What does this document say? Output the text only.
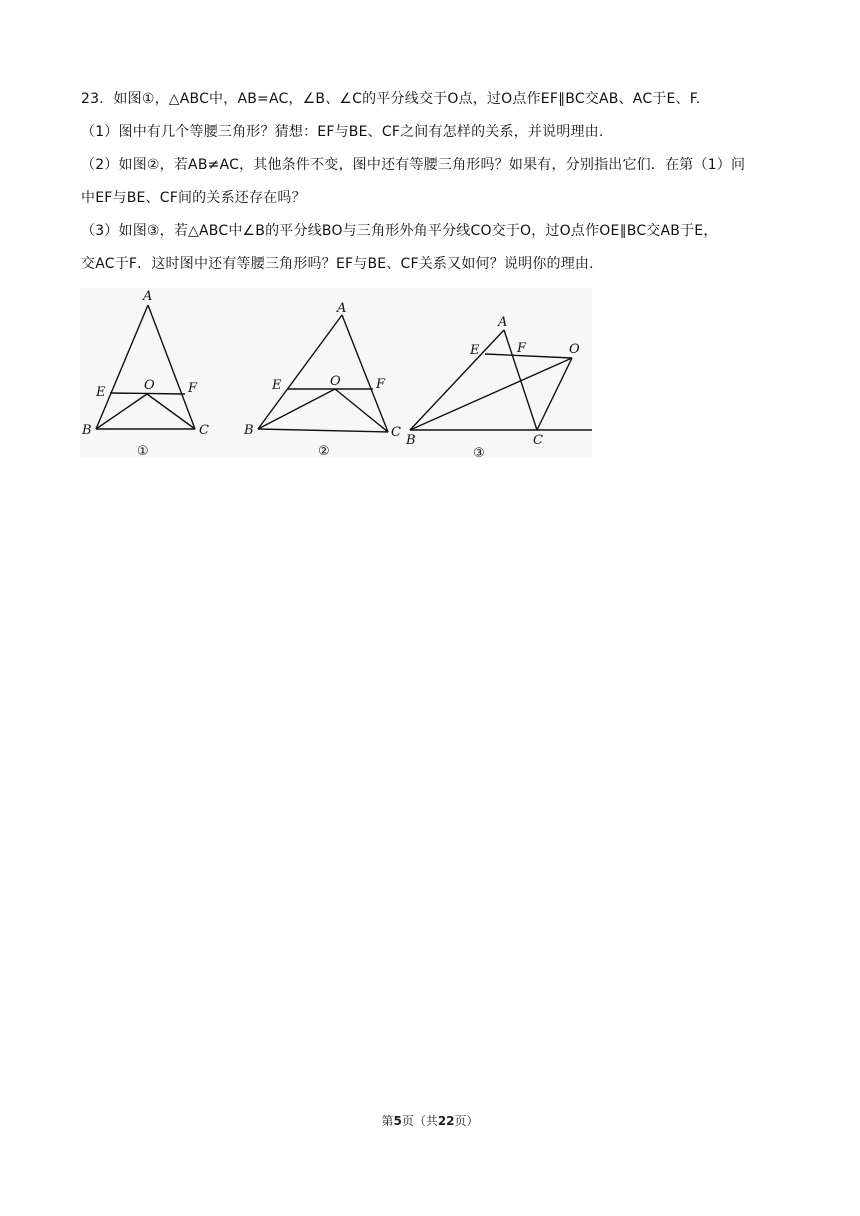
23．如图①，△ABC中，AB=AC，∠B、∠C的平分线交于O点，过O点作EF∥BC交AB、AC于E、F.
（1）图中有几个等腰三角形？猜想：EF与BE、CF之间有怎样的关系，并说明理由.
（2）如图②，若AB≠AC，其他条件不变，图中还有等腰三角形吗？如果有，分别指出它们．在第（1）问
中EF与BE、CF间的关系还存在吗？
（3）如图③，若△ABC中∠B的平分线BO与三角形外角平分线CO交于O，过O点作OE∥BC交AB于E，
交AC于F．这时图中还有等腰三角形吗？EF与BE、CF关系又如何？说明你的理由.
A
B	C
E	F
O
①
A
B	C
E	F
O
②
A
B	C
E	F	O
③
第5页（共22页）
